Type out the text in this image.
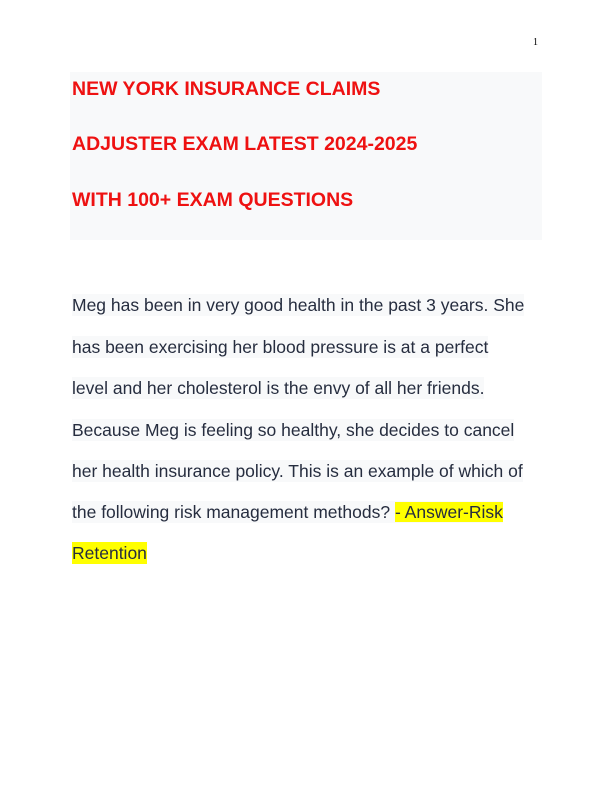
1
NEW YORK INSURANCE CLAIMS
ADJUSTER EXAM LATEST 2024-2025
WITH 100+ EXAM QUESTIONS
Meg has been in very good health in the past 3 years. She
has been exercising her blood pressure is at a perfect
level and her cholesterol is the envy of all her friends.
Because Meg is feeling so healthy, she decides to cancel
her health insurance policy. This is an example of which of
the following risk management methods? - Answer-Risk
Retention
